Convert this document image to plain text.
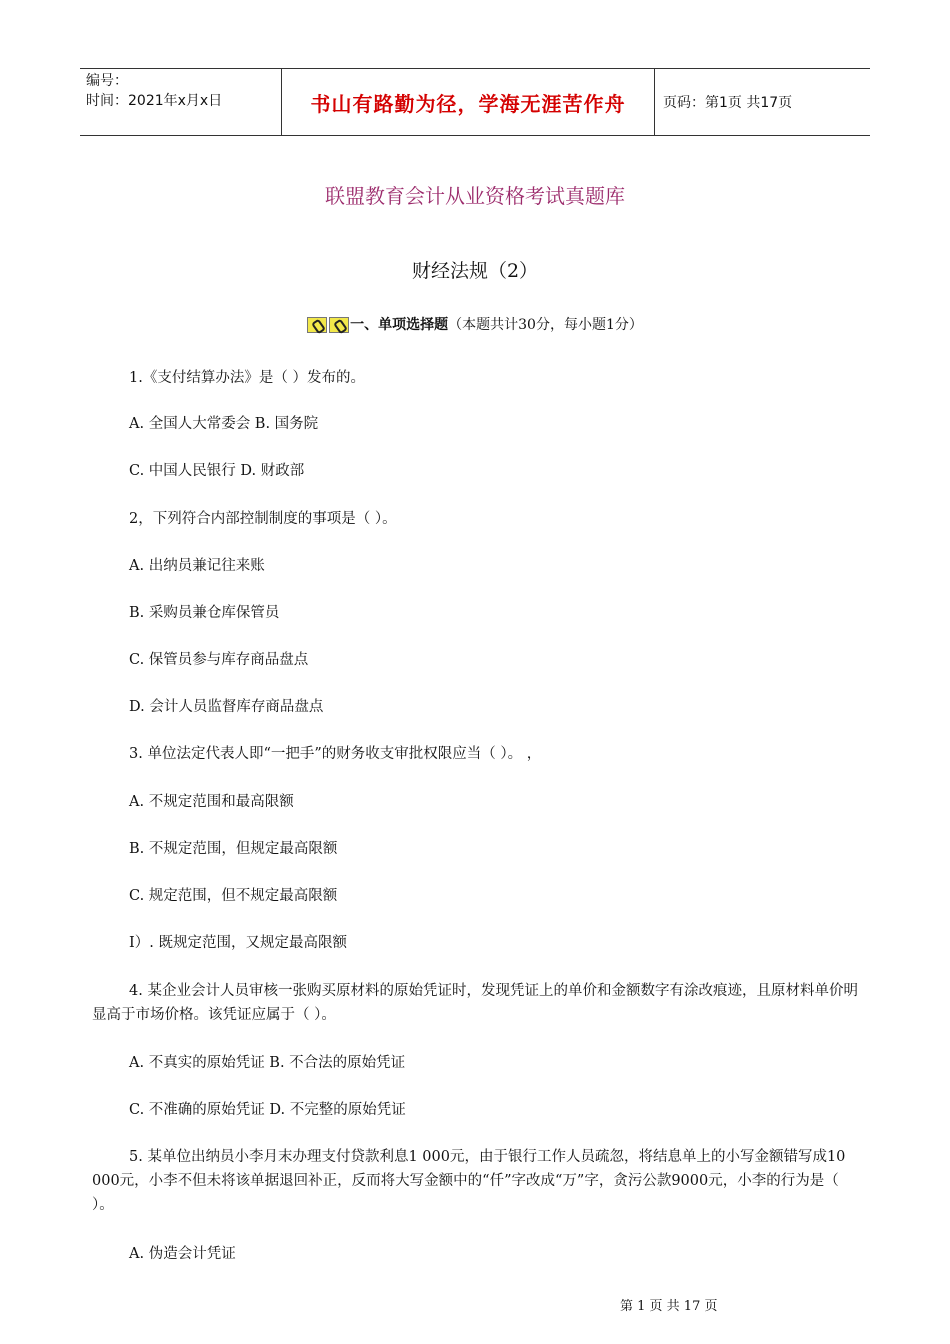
编号：
时间：2021年x月x日	书山有路勤为径，学海无涯苦作舟	页码：第1页 共17页
联盟教育会计从业资格考试真题库
财经法规（2）
一、单项选择题（本题共计30分，每小题1分）
1.《支付结算办法》是（ ）发布的。
A. 全国人大常委会 B. 国务院
C. 中国人民银行 D. 财政部
2，下列符合内部控制制度的事项是（ ）。
A. 出纳员兼记往来账
B. 采购员兼仓库保管员
C. 保管员参与库存商品盘点
D. 会计人员监督库存商品盘点
3. 单位法定代表人即“一把手”的财务收支审批权限应当（ ）。 ，
A. 不规定范围和最高限额
B. 不规定范围，但规定最高限额
C. 规定范围，但不规定最高限额
I）. 既规定范围，又规定最高限额
4. 某企业会计人员审核一张购买原材料的原始凭证时，发现凭证上的单价和金额数字有涂改痕迹，且原材料单价明显高于市场价格。该凭证应属于（ ）。
A. 不真实的原始凭证 B. 不合法的原始凭证
C. 不准确的原始凭证 D. 不完整的原始凭证
5. 某单位出纳员小李月末办理支付贷款利息1 000元，由于银行工作人员疏忽，将结息单上的小写金额错写成10 000元，小李不但未将该单据退回补正，反而将大写金额中的“仟”字改成“万”字，贪污公款9000元，小李的行为是（ ）。
A. 伪造会计凭证
第 1 页 共 17 页
